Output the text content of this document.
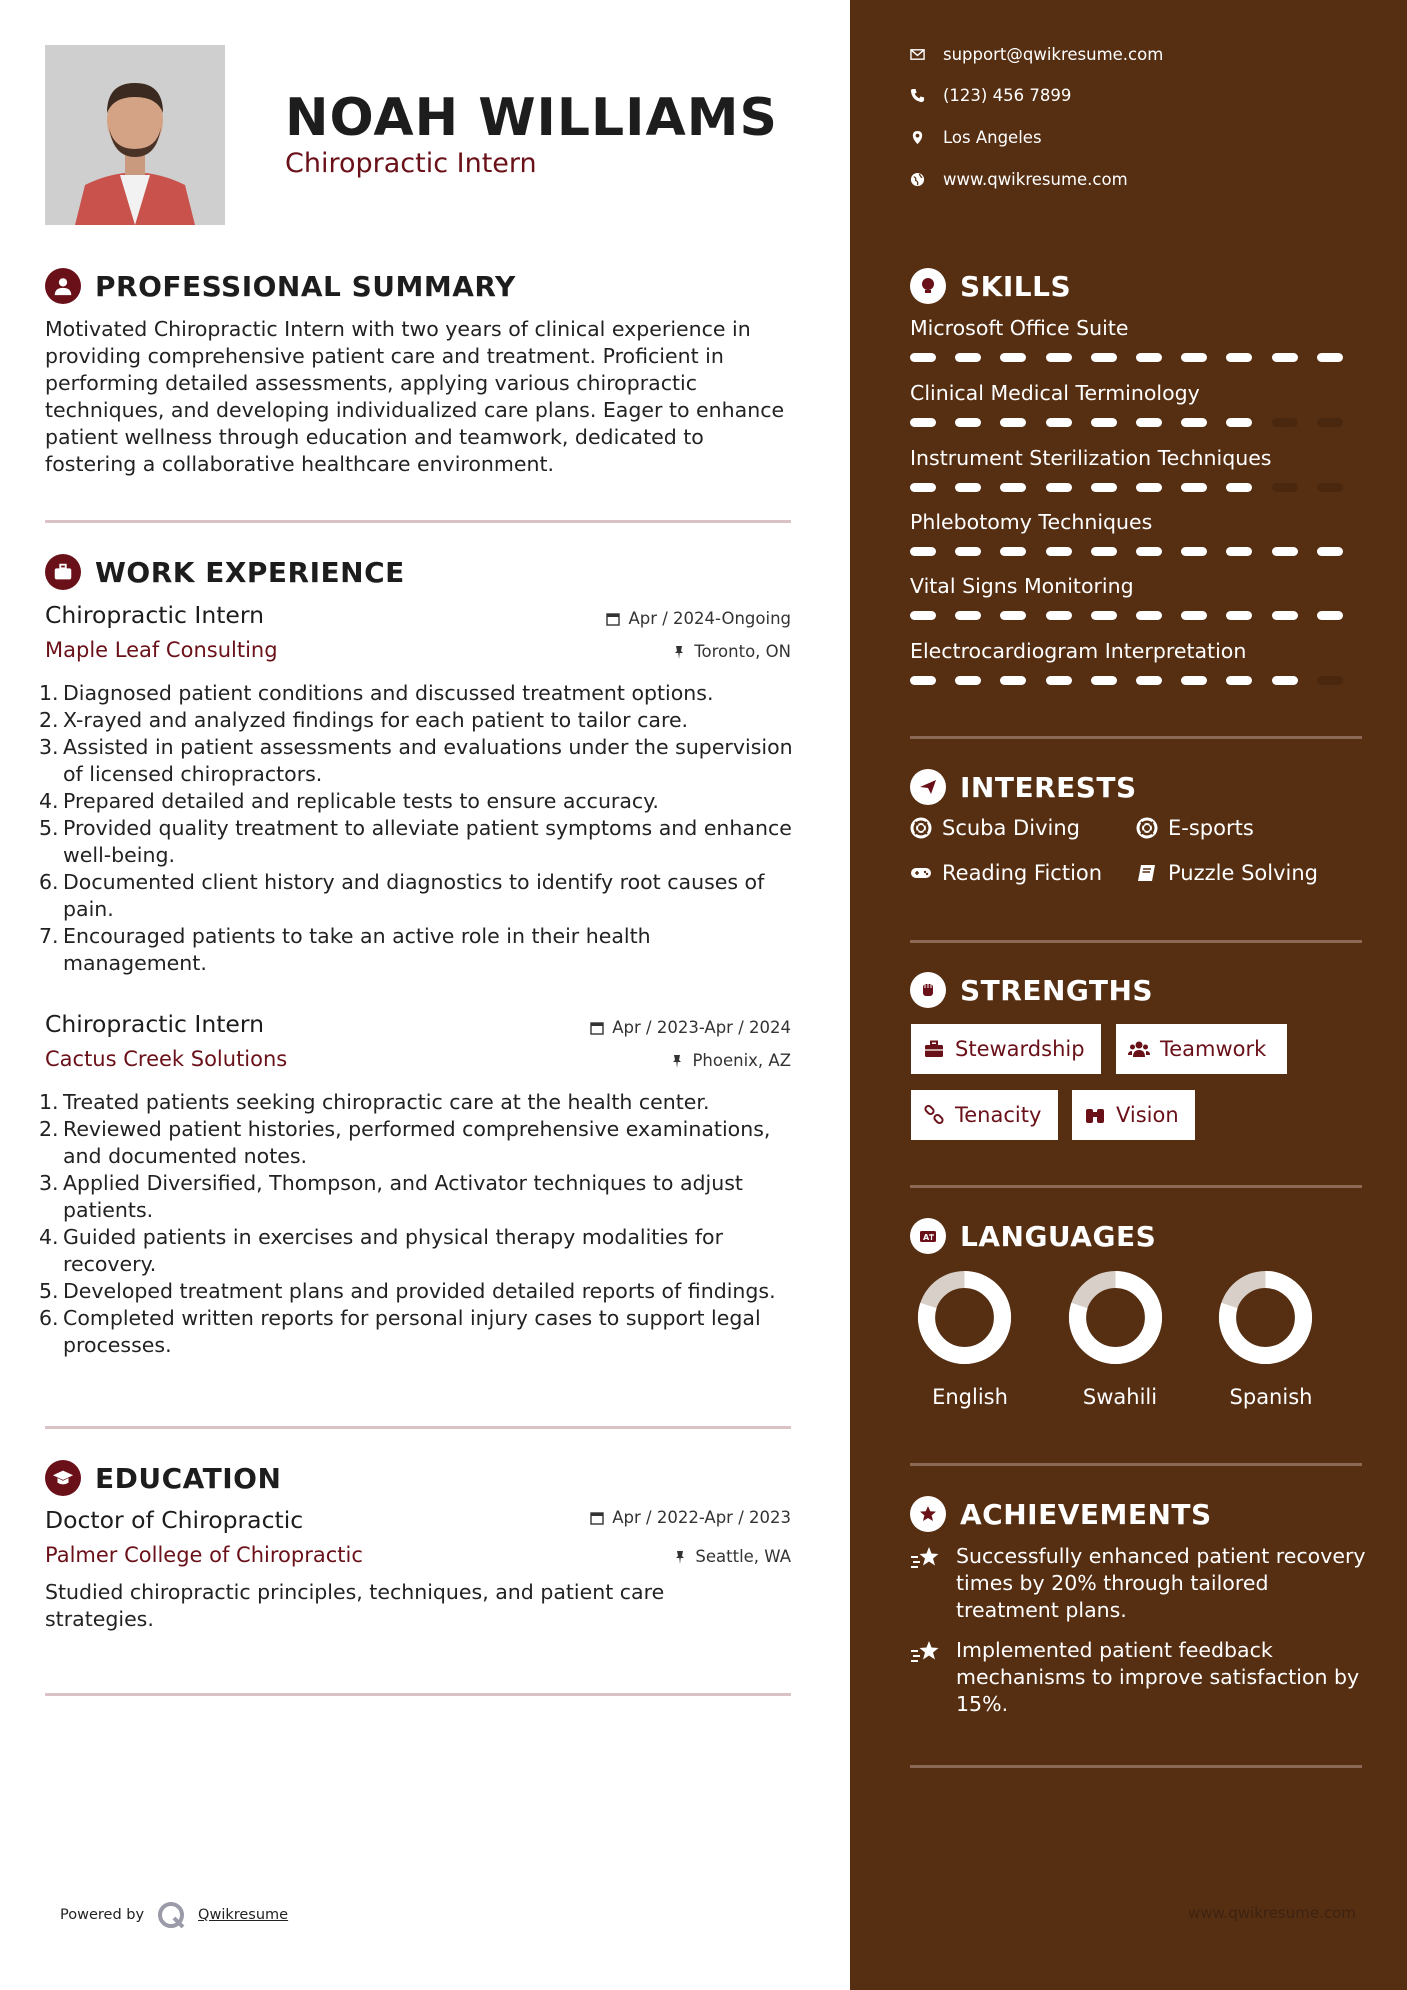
NOAH WILLIAMS
Chiropractic Intern
PROFESSIONAL SUMMARY
Motivated Chiropractic Intern with two years of clinical experience in providing comprehensive patient care and treatment. Proficient in performing detailed assessments, applying various chiropractic techniques, and developing individualized care plans. Eager to enhance patient wellness through education and teamwork, dedicated to fostering a collaborative healthcare environment.
WORK EXPERIENCE
Chiropractic Intern	Apr / 2024-Ongoing
Maple Leaf Consulting	Toronto, ON
1. Diagnosed patient conditions and discussed treatment options.
2. X-rayed and analyzed findings for each patient to tailor care.
3. Assisted in patient assessments and evaluations under the supervision of licensed chiropractors.
4. Prepared detailed and replicable tests to ensure accuracy.
5. Provided quality treatment to alleviate patient symptoms and enhance well-being.
6. Documented client history and diagnostics to identify root causes of pain.
7. Encouraged patients to take an active role in their health management.
Chiropractic Intern	Apr / 2023-Apr / 2024
Cactus Creek Solutions	Phoenix, AZ
1. Treated patients seeking chiropractic care at the health center.
2. Reviewed patient histories, performed comprehensive examinations, and documented notes.
3. Applied Diversified, Thompson, and Activator techniques to adjust patients.
4. Guided patients in exercises and physical therapy modalities for recovery.
5. Developed treatment plans and provided detailed reports of findings.
6. Completed written reports for personal injury cases to support legal processes.
EDUCATION
Doctor of Chiropractic	Apr / 2022-Apr / 2023
Palmer College of Chiropractic	Seattle, WA
Studied chiropractic principles, techniques, and patient care strategies.
Powered by	Qwikresume
support@qwikresume.com
(123) 456 7899
Los Angeles
www.qwikresume.com
SKILLS
Microsoft Office Suite
Clinical Medical Terminology
Instrument Sterilization Techniques
Phlebotomy Techniques
Vital Signs Monitoring
Electrocardiogram Interpretation
INTERESTS
Scuba Diving	E-sports
Reading Fiction	Puzzle Solving
STRENGTHS
Stewardship	Teamwork
Tenacity	Vision
A LANGUAGES
English	Swahili	Spanish
ACHIEVEMENTS
Successfully enhanced patient recovery times by 20% through tailored treatment plans.
Implemented patient feedback mechanisms to improve satisfaction by 15%.
www.qwikresume.com
